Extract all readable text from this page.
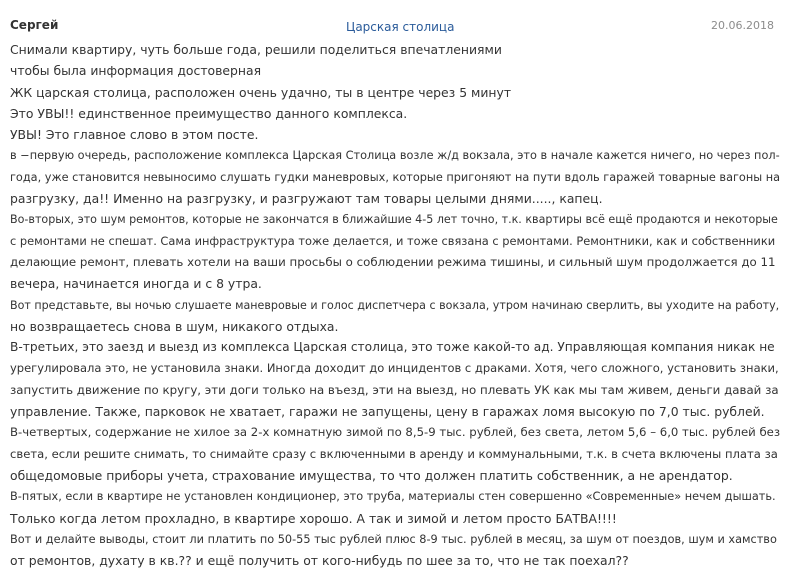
Сергей	Царская столица	20.06.2018
Снимали квартиру, чуть больше года, решили поделиться впечатлениями
чтобы была информация достоверная
ЖК царская столица, расположен очень удачно, ты в центре через 5 минут
Это УВЫ!! единственное преимущество данного комплекса.
УВЫ! Это главное слово в этом посте.
в −первую очередь, расположение комплекса Царская Столица возле ж/д вокзала, это в начале кажется ничего, но через пол-
года, уже становится невыносимо слушать гудки маневровых, которые пригоняют на пути вдоль гаражей товарные вагоны на
разгрузку, да!! Именно на разгрузку, и разгружают там товары целыми днями....., капец.
Во-вторых, это шум ремонтов, которые не закончатся в ближайшие 4-5 лет точно, т.к. квартиры всё ещё продаются и некоторые
с ремонтами не спешат. Сама инфраструктура тоже делается, и тоже связана с ремонтами. Ремонтники, как и собственники
делающие ремонт, плевать хотели на ваши просьбы о соблюдении режима тишины, и сильный шум продолжается до 11
вечера, начинается иногда и с 8 утра.
Вот представьте, вы ночью слушаете маневровые и голос диспетчера с вокзала, утром начинаю сверлить, вы уходите на работу,
но возвращаетесь снова в шум, никакого отдыха.
В-третьих, это заезд и выезд из комплекса Царская столица, это тоже какой-то ад. Управляющая компания никак не
урегулировала это, не установила знаки. Иногда доходит до инцидентов с драками. Хотя, чего сложного, установить знаки,
запустить движение по кругу, эти доги только на въезд, эти на выезд, но плевать УК как мы там живем, деньги давай за
управление. Также, парковок не хватает, гаражи не запущены, цену в гаражах ломя высокую по 7,0 тыс. рублей.
В-четвертых, содержание не хилое за 2-х комнатную зимой по 8,5-9 тыс. рублей, без света, летом 5,6 – 6,0 тыс. рублей без
света, если решите снимать, то снимайте сразу с включенными в аренду и коммунальными, т.к. в счета включены плата за
общедомовые приборы учета, страхование имущества, то что должен платить собственник, а не арендатор.
В-пятых, если в квартире не установлен кондиционер, это труба, материалы стен совершенно «Современные» нечем дышать.
Только когда летом прохладно, в квартире хорошо. А так и зимой и летом просто БАТВА!!!!
Вот и делайте выводы, стоит ли платить по 50-55 тыс рублей плюс 8-9 тыс. рублей в месяц, за шум от поездов, шум и хамство
от ремонтов, духату в кв.?? и ещё получить от кого-нибудь по шее за то, что не так поехал??
